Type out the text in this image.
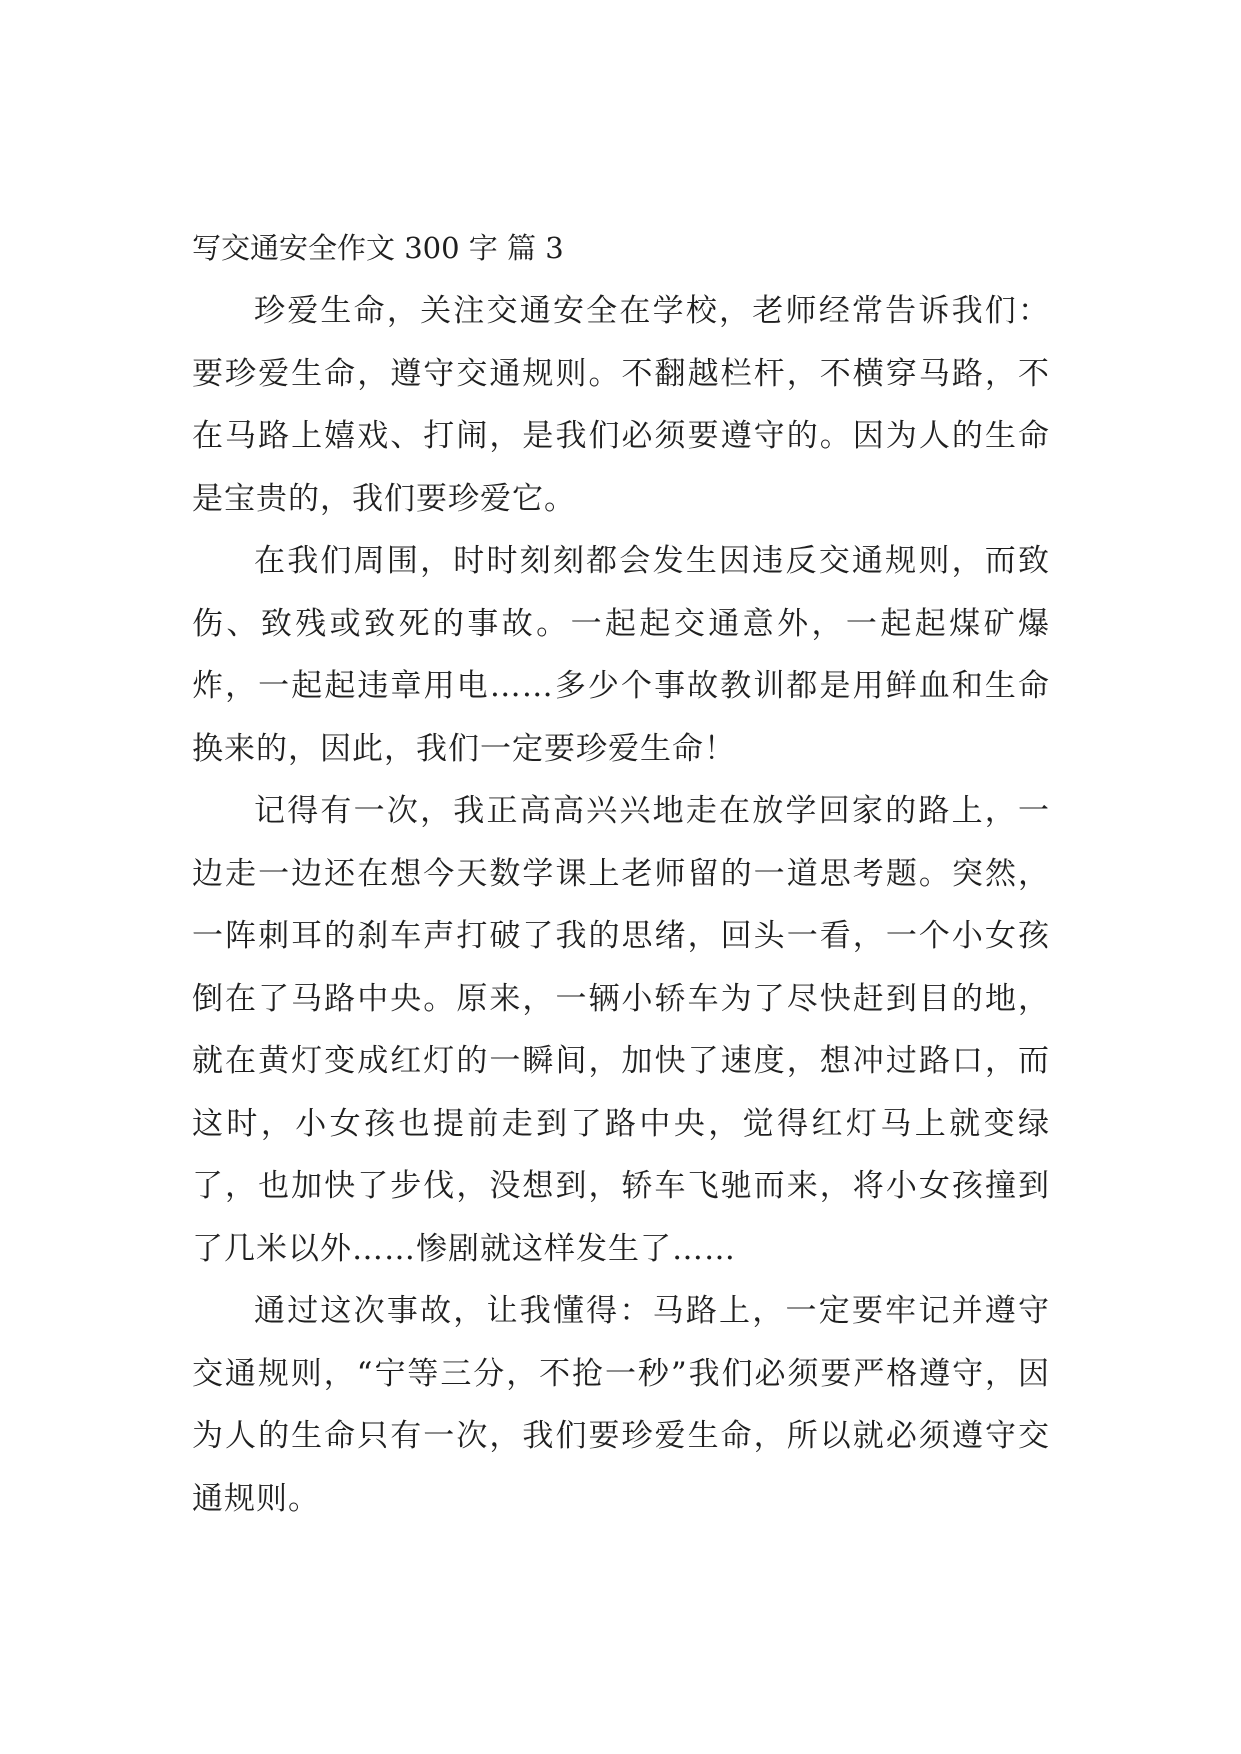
写交通安全作文 300 字 篇 3

珍爱生命，关注交通安全在学校，老师经常告诉我们：要珍爱生命，遵守交通规则。不翻越栏杆，不横穿马路，不在马路上嬉戏、打闹，是我们必须要遵守的。因为人的生命是宝贵的，我们要珍爱它。

在我们周围，时时刻刻都会发生因违反交通规则，而致伤、致残或致死的事故。一起起交通意外，一起起煤矿爆炸，一起起违章用电……多少个事故教训都是用鲜血和生命换来的，因此，我们一定要珍爱生命！

记得有一次，我正高高兴兴地走在放学回家的路上，一边走一边还在想今天数学课上老师留的一道思考题。突然，一阵刺耳的刹车声打破了我的思绪，回头一看，一个小女孩倒在了马路中央。原来，一辆小轿车为了尽快赶到目的地，就在黄灯变成红灯的一瞬间，加快了速度，想冲过路口，而这时，小女孩也提前走到了路中央，觉得红灯马上就变绿了，也加快了步伐，没想到，轿车飞驰而来，将小女孩撞到了几米以外……惨剧就这样发生了……

通过这次事故，让我懂得：马路上，一定要牢记并遵守交通规则，“宁等三分，不抢一秒”我们必须要严格遵守，因为人的生命只有一次，我们要珍爱生命，所以就必须遵守交通规则。
